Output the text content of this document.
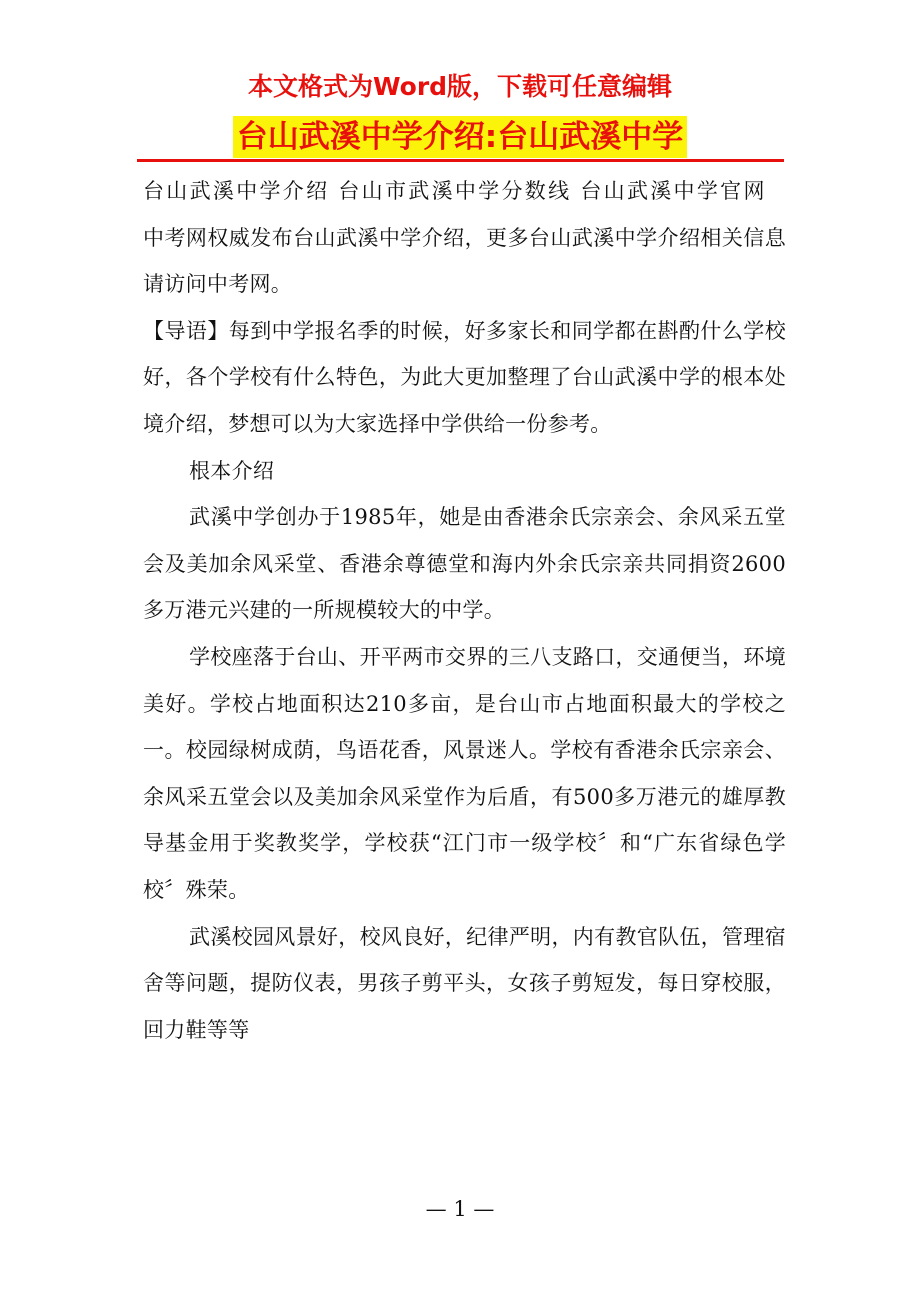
本文格式为Word版，下载可任意编辑
台山武溪中学介绍:台山武溪中学

台山武溪中学介绍 台山市武溪中学分数线 台山武溪中学官网

中考网权威发布台山武溪中学介绍，更多台山武溪中学介绍相关信息请访问中考网。

【导语】每到中学报名季的时候，好多家长和同学都在斟酌什么学校好，各个学校有什么特色，为此大更加整理了台山武溪中学的根本处境介绍，梦想可以为大家选择中学供给一份参考。

根本介绍

武溪中学创办于1985年，她是由香港余氏宗亲会、余风采五堂会及美加余风采堂、香港余尊德堂和海内外余氏宗亲共同捐资2600多万港元兴建的一所规模较大的中学。

学校座落于台山、开平两市交界的三八支路口，交通便当，环境美好。学校占地面积达210多亩，是台山市占地面积最大的学校之一。校园绿树成荫，鸟语花香，风景迷人。学校有香港余氏宗亲会、余风采五堂会以及美加余风采堂作为后盾，有500多万港元的雄厚教导基金用于奖教奖学，学校获“江门市一级学校〞和“广东省绿色学校〞殊荣。

武溪校园风景好，校风良好，纪律严明，内有教官队伍，管理宿舍等问题，提防仪表，男孩子剪平头，女孩子剪短发，每日穿校服，回力鞋等等

— 1 —
